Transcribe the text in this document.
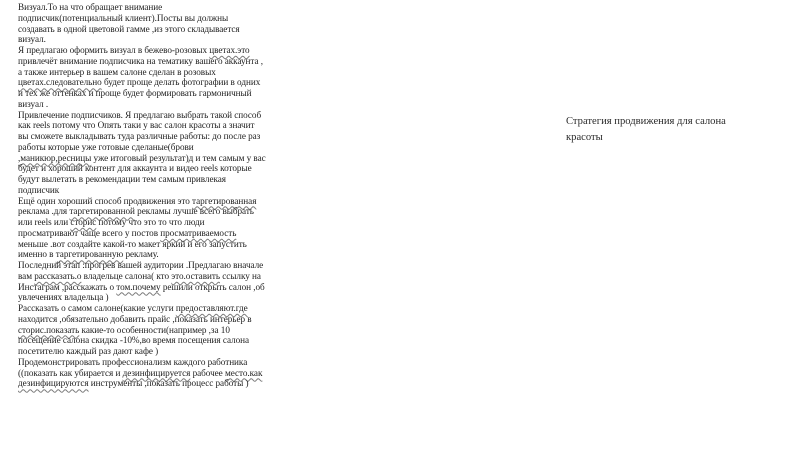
Визуал.То на что обращает внимание
подписчик(потенциальный клиент).Посты вы должны
создавать в одной цветовой гамме ,из этого складывается
визуал.
Я предлагаю оформить визуал в бежево-розовых цветах.это
привлечёт внимание подписчика на тематику вашего аккаунта ,
а также интерьер в вашем салоне сделан в розовых
цветах.следовательно будет проще делать фотографии в одних
и тех же оттенках и проще будет формировать гармоничный
визуал .
Привлечение подписчиков. Я предлагаю выбрать такой способ
как reels потому что Опять таки у вас салон красоты а значит
вы сможете выкладывать туда различные работы: до после раз
работы которые уже готовые сделаные(брови
,маникюр,ресницы уже итоговый результат)д и тем самым у вас
будет и хороший контент для аккаунта и видео reels которые
будут вылетать в рекомендации тем самым привлекая
подписчик
Ещё один хороший способ продвижения это таргетированная
реклама .для таргетированной рекламы лучше всего выбрать
или reels или сторис потому что это то что люди
просматривают чаще всего у постов просматриваемость
меньше .вот создайте какой-то макет яркий и его запустить
именно в таргетированную рекламу.
Последний этап :прогрев вашей аудитории .Предлагаю вначале
вам рассказать.о владельце салона( кто это.оставить ссылку на
Инстаграм ,расскажать о том.почему решили открыть салон ,об
увлечениях владельца )
Рассказать о самом салоне(какие услуги предоставляют.где
находится ,обязательно добавить прайс ,показать интерьер в
сторис.показать какие-то особенности(например ,за 10
посещение салона скидка -10%,во время посещения салона
посетителю каждый раз дают кафе )
Продемонстрировать профессионализм каждого работника
((показать как убирается и дезинфицируется рабочее место.как
дезинфицируются инструменты ,показать процесс работы )
Стратегия продвижения для салона
красоты
